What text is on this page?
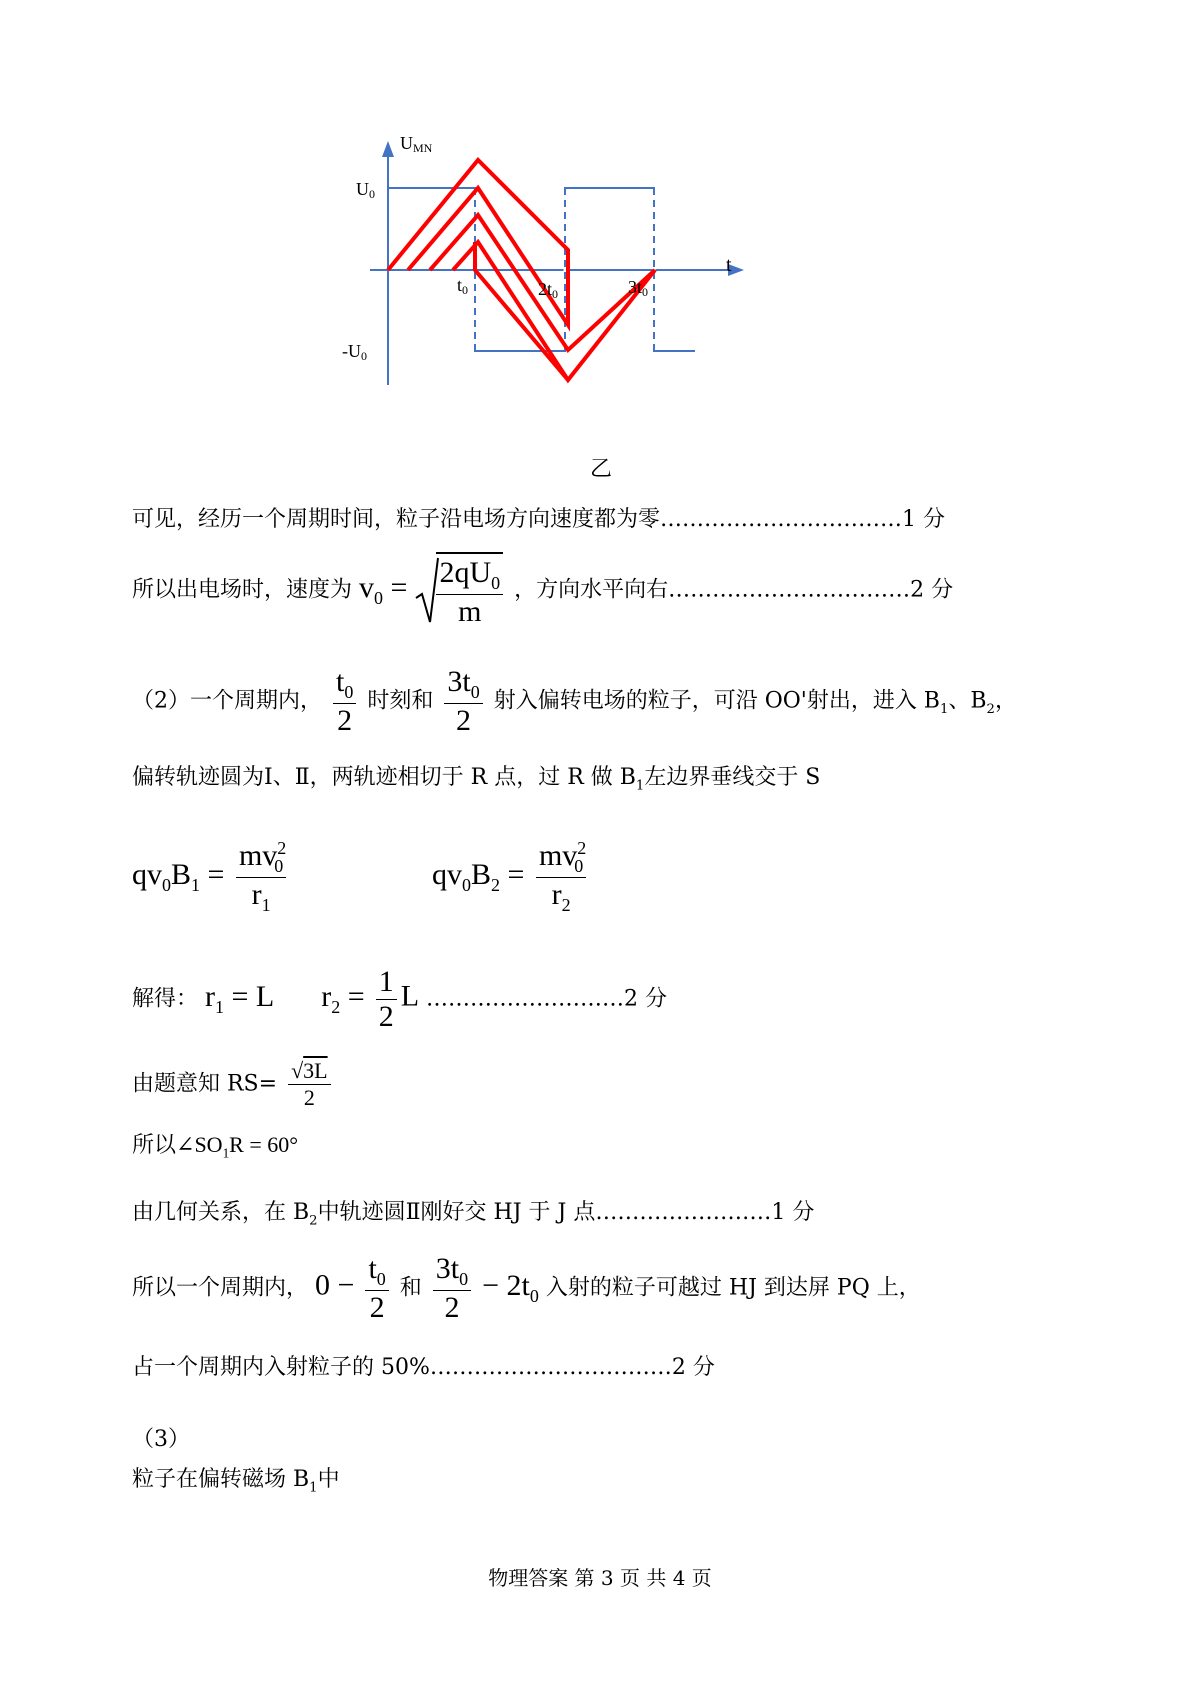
UMN
t
U0
-U0
t0	2t0	3t0
乙
可见，经历一个周期时间，粒子沿电场方向速度都为零……………………………1 分
所以出电场时，速度为 $v_0 = \frac{2qU_0}{m}$ ，方向水平向右……………………………2 分
（2）一个周期内， $\frac{t_0}{2}$ 时刻和 $\frac{3t_0}{2}$ 射入偏转电场的粒子，可沿 OO'射出，进入 $B_1$、$B_2$，
偏转轨迹圆为Ⅰ、Ⅱ，两轨迹相切于 R 点，过 R 做 $B_1$左边界垂线交于 S
$qv_0B_1 = \frac{mv^2_0}{r_1}$	$qv_0B_2 = \frac{mv^2_0}{r_2}$
解得： $r_1 = L$ $r_2 = \frac{1}{2}$ L ………………………2 分
由题意知 $RS= \frac{√3L}{2}$
所以$\angle SO_1R = 60^\circ$
由几何关系，在 $B_2$中轨迹圆Ⅱ刚好交 HJ 于 J 点……………………1 分
所以一个周期内， $0 - \frac{t_0}{2}$ 和 $\frac{3t_0}{2} - 2t_0$ 入射的粒子可越过 HJ 到达屏 PQ 上，
占一个周期内入射粒子的 50%……………………………2 分
（3）
粒子在偏转磁场 $B_1$中
物理答案 第 3 页 共 4 页
